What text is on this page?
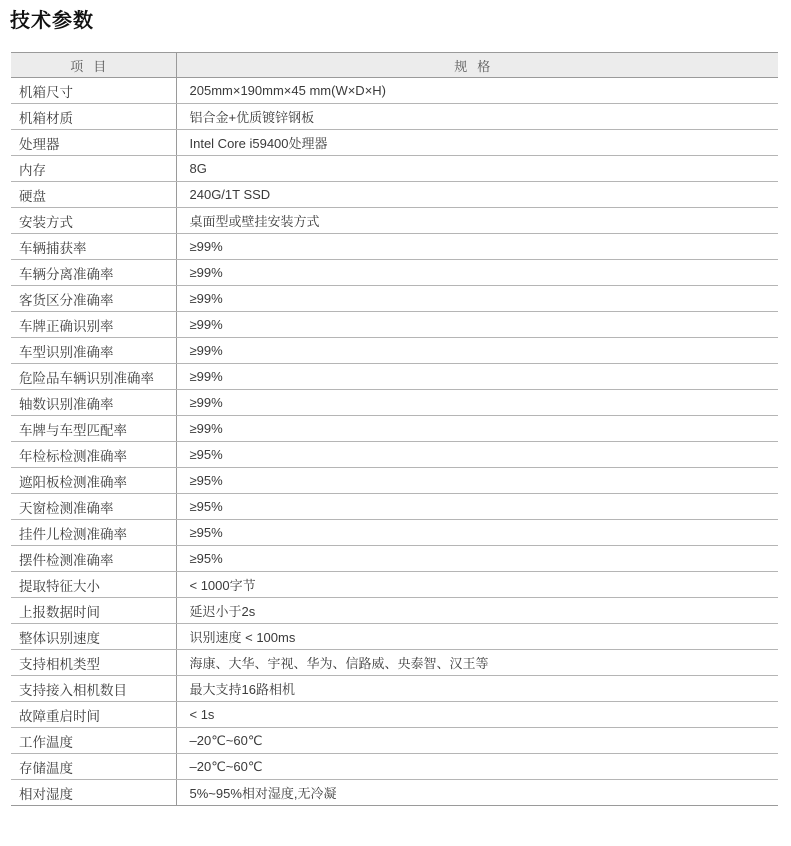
技术参数
项目	规格
机箱尺寸	205mm×190mm×45 mm(W×D×H)
机箱材质	铝合金+优质镀锌钢板
处理器	Intel Core i59400处理器
内存	8G
硬盘	240G/1T SSD
安装方式	桌面型或壁挂安装方式
车辆捕获率	≥99%
车辆分离准确率	≥99%
客货区分准确率	≥99%
车牌正确识别率	≥99%
车型识别准确率	≥99%
危险品车辆识别准确率	≥99%
轴数识别准确率	≥99%
车牌与车型匹配率	≥99%
年检标检测准确率	≥95%
遮阳板检测准确率	≥95%
天窗检测准确率	≥95%
挂件儿检测准确率	≥95%
摆件检测准确率	≥95%
提取特征大小	< 1000字节
上报数据时间	延迟小于2s
整体识别速度	识别速度 < 100ms
支持相机类型	海康、大华、宇视、华为、信路威、央泰智、汉王等
支持接入相机数目	最大支持16路相机
故障重启时间	< 1s
工作温度	–20℃~60℃
存储温度	–20℃~60℃
相对湿度	5%~95%相对湿度,无冷凝
